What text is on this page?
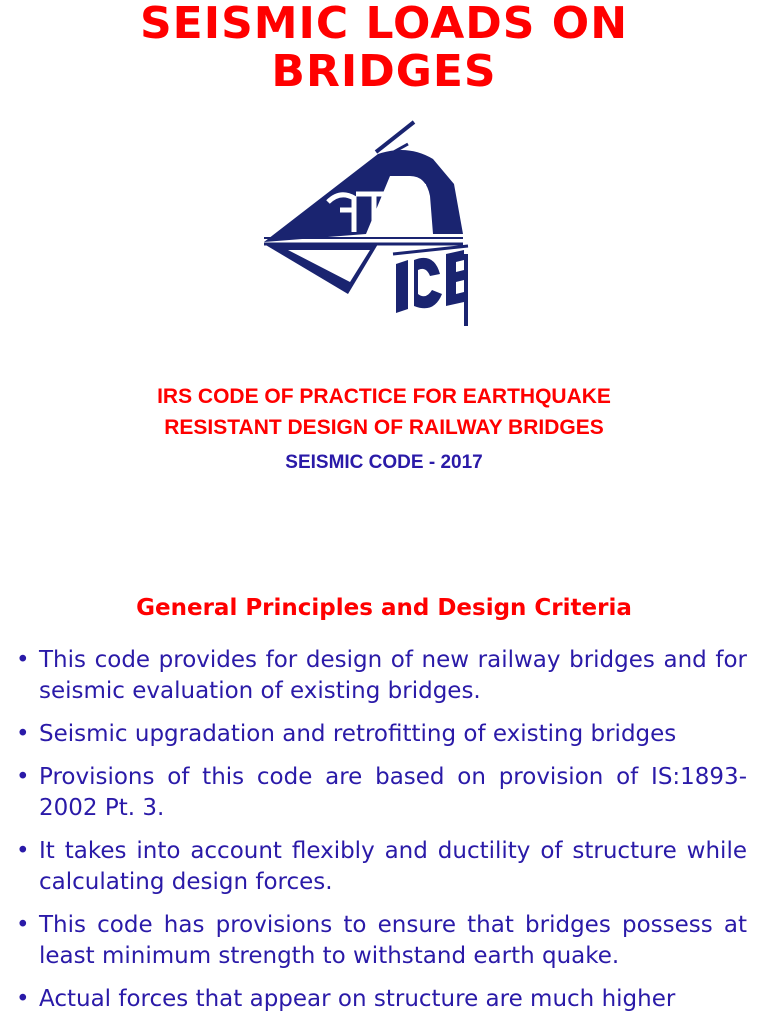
SEISMIC LOADS ON
BRIDGES
IRS CODE OF PRACTICE FOR EARTHQUAKE
RESISTANT DESIGN OF RAILWAY BRIDGES
SEISMIC CODE - 2017
General Principles and Design Criteria
• This code provides for design of new railway bridges and for seismic evaluation of existing bridges.
• Seismic upgradation and retrofitting of existing bridges
• Provisions of this code are based on provision of IS:1893-2002 Pt. 3.
• It takes into account flexibly and ductility of structure while calculating design forces.
• This code has provisions to ensure that bridges possess at least minimum strength to withstand earth quake.
• Actual forces that appear on structure are much higher
